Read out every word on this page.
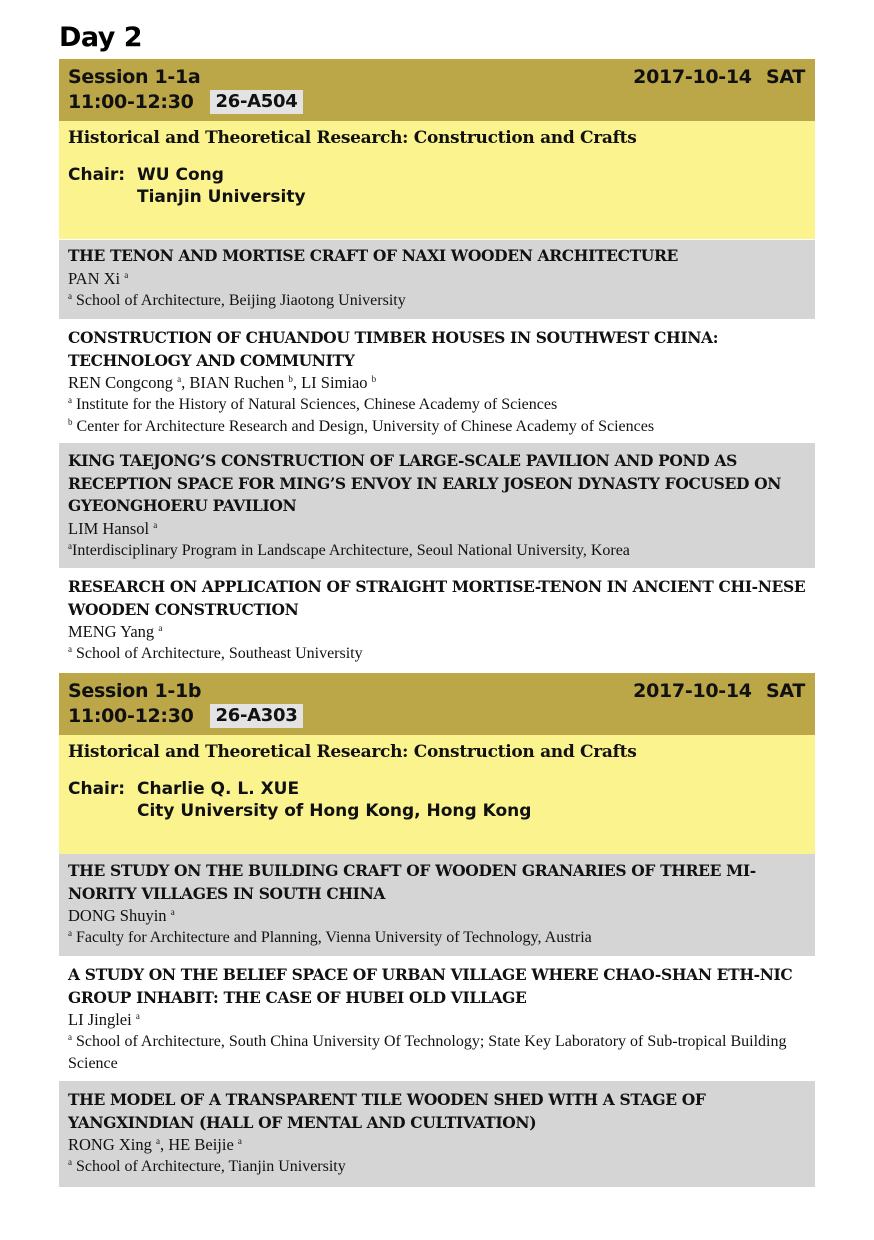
Day 2
Session 1-1a	2017-10-14 SAT
11:00-12:30	26-A504
Historical and Theoretical Research: Construction and Crafts
Chair: WU Cong
Tianjin University
THE TENON AND MORTISE CRAFT OF NAXI WOODEN ARCHITECTURE
PAN Xi $^a$
$^a$ School of Architecture, Beijing Jiaotong University
CONSTRUCTION OF CHUANDOU TIMBER HOUSES IN SOUTHWEST CHINA: TECHNOLOGY AND COMMUNITY
REN Congcong $^a$, BIAN Ruchen $^b$, LI Simiao $^b$
$^a$ Institute for the History of Natural Sciences, Chinese Academy of Sciences
$^b$ Center for Architecture Research and Design, University of Chinese Academy of Sciences
KING TAEJONG’S CONSTRUCTION OF LARGE-SCALE PAVILION AND POND AS RECEPTION SPACE FOR MING’S ENVOY IN EARLY JOSEON DYNASTY FOCUSED ON GYEONGHOERU PAVILION
LIM Hansol $^a$
$^a$Interdisciplinary Program in Landscape Architecture, Seoul National University, Korea
RESEARCH ON APPLICATION OF STRAIGHT MORTISE-TENON IN ANCIENT CHI-NESE WOODEN CONSTRUCTION
MENG Yang $^a$
$^a$ School of Architecture, Southeast University
Session 1-1b	2017-10-14 SAT
11:00-12:30	26-A303
Historical and Theoretical Research: Construction and Crafts
Chair: Charlie Q. L. XUE
City University of Hong Kong, Hong Kong
THE STUDY ON THE BUILDING CRAFT OF WOODEN GRANARIES OF THREE MI-NORITY VILLAGES IN SOUTH CHINA
DONG Shuyin $^a$
$^a$ Faculty for Architecture and Planning, Vienna University of Technology, Austria
A STUDY ON THE BELIEF SPACE OF URBAN VILLAGE WHERE CHAO-SHAN ETH-NIC GROUP INHABIT: THE CASE OF HUBEI OLD VILLAGE
LI Jinglei $^a$
$^a$ School of Architecture, South China University Of Technology; State Key Laboratory of Sub-tropical Building Science
THE MODEL OF A TRANSPARENT TILE WOODEN SHED WITH A STAGE OF YANGXINDIAN (HALL OF MENTAL AND CULTIVATION)
RONG Xing $^a$, HE Beijie $^a$
$^a$ School of Architecture, Tianjin University
